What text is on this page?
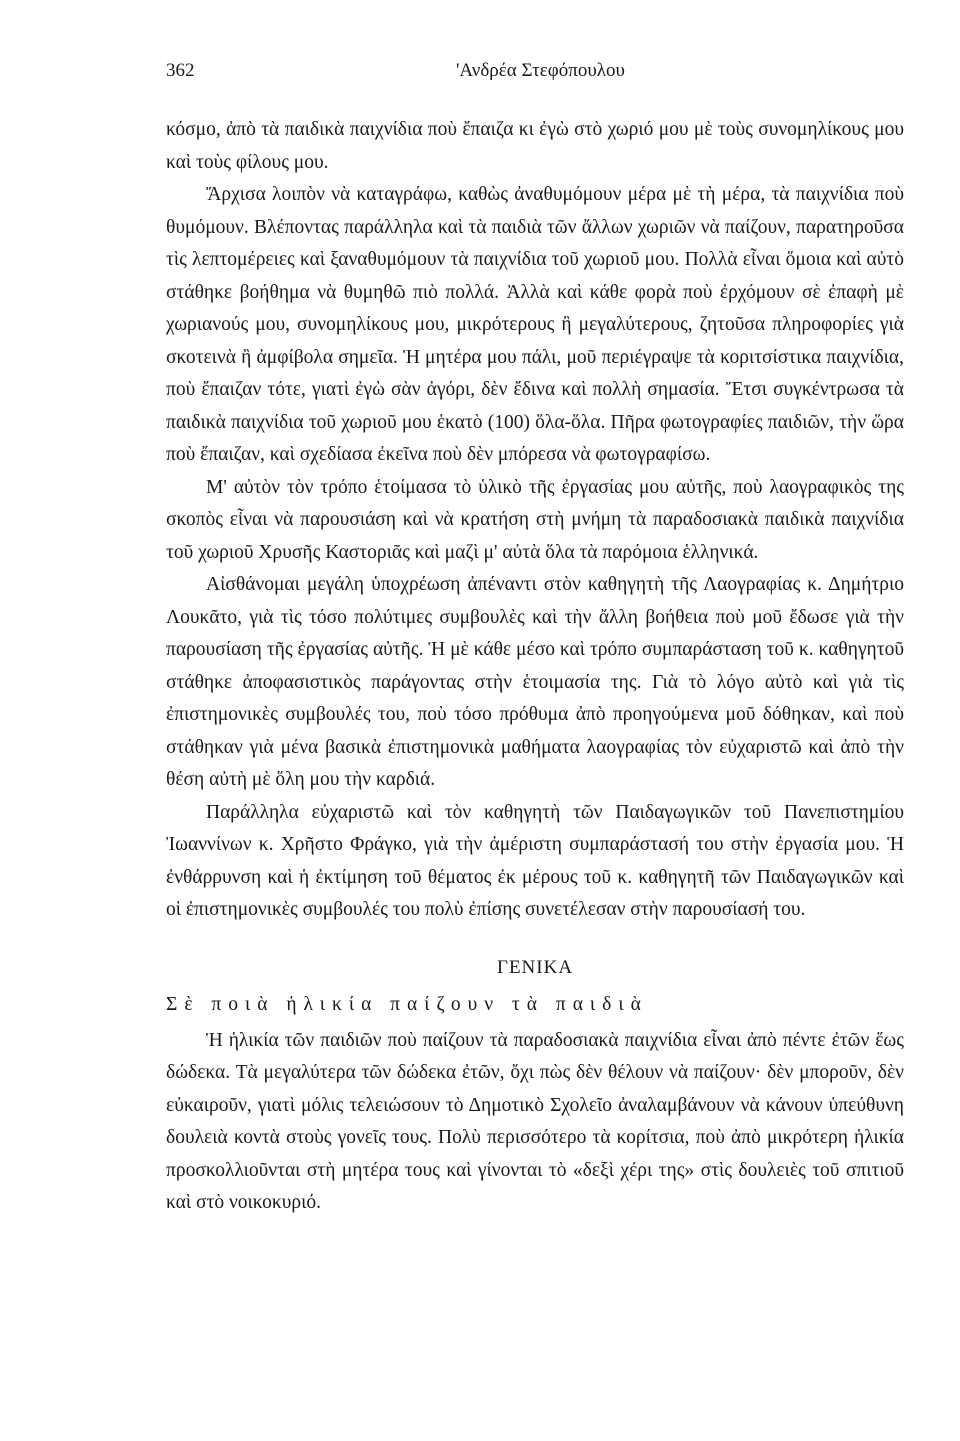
362	'Ανδρέα Στεφόπουλου

κόσμο, ἀπὸ τὰ παιδικὰ παιχνίδια ποὺ ἔπαιζα κι ἐγὼ στὸ χωριό μου μὲ τοὺς συνομηλίκους μου καὶ τοὺς φίλους μου.

Ἄρχισα λοιπὸν νὰ καταγράφω, καθὼς ἀναθυμόμουν μέρα μὲ τὴ μέρα, τὰ παιχνίδια ποὺ θυμόμουν. Βλέποντας παράλληλα καὶ τὰ παιδιὰ τῶν ἄλλων χωριῶν νὰ παίζουν, παρατηροῦσα τὶς λεπτομέρειες καὶ ξαναθυμόμουν τὰ παιχνίδια τοῦ χωριοῦ μου. Πολλὰ εἶναι ὅμοια καὶ αὐτὸ στάθηκε βοήθημα νὰ θυμηθῶ πιὸ πολλά. Ἀλλὰ καὶ κάθε φορὰ ποὺ ἐρχόμουν σὲ ἐπαφὴ μὲ χωριανούς μου, συνομηλίκους μου, μικρότερους ἢ μεγαλύτερους, ζητοῦσα πληροφορίες γιὰ σκοτεινὰ ἢ ἀμφίβολα σημεῖα. Ἡ μητέρα μου πάλι, μοῦ περιέγραψε τὰ κοριτσίστικα παιχνίδια, ποὺ ἔπαιζαν τότε, γιατὶ ἐγὼ σὰν ἀγόρι, δὲν ἔδινα καὶ πολλὴ σημασία. Ἔτσι συγκέντρωσα τὰ παιδικὰ παιχνίδια τοῦ χωριοῦ μου ἑκατὸ (100) ὅλα-ὅλα. Πῆρα φωτογραφίες παιδιῶν, τὴν ὥρα ποὺ ἔπαιζαν, καὶ σχεδίασα ἐκεῖνα ποὺ δὲν μπόρεσα νὰ φωτογραφίσω.

Μ' αὐτὸν τὸν τρόπο ἑτοίμασα τὸ ὑλικὸ τῆς ἐργασίας μου αὐτῆς, ποὺ λαογραφικὸς της σκοπὸς εἶναι νὰ παρουσιάση καὶ νὰ κρατήση στὴ μνήμη τὰ παραδοσιακὰ παιδικὰ παιχνίδια τοῦ χωριοῦ Χρυσῆς Καστοριᾶς καὶ μαζὶ μ' αὐτὰ ὅλα τὰ παρόμοια ἑλληνικά.

Αἰσθάνομαι μεγάλη ὑποχρέωση ἀπέναντι στὸν καθηγητὴ τῆς Λαογραφίας κ. Δημήτριο Λουκᾶτο, γιὰ τὶς τόσο πολύτιμες συμβουλὲς καὶ τὴν ἄλλη βοήθεια ποὺ μοῦ ἔδωσε γιὰ τὴν παρουσίαση τῆς ἐργασίας αὐτῆς. Ἡ μὲ κάθε μέσο καὶ τρόπο συμπαράσταση τοῦ κ. καθηγητοῦ στάθηκε ἀποφασιστικὸς παράγοντας στὴν ἑτοιμασία της. Γιὰ τὸ λόγο αὐτὸ καὶ γιὰ τὶς ἐπιστημονικὲς συμβουλές του, ποὺ τόσο πρόθυμα ἀπὸ προηγούμενα μοῦ δόθηκαν, καὶ ποὺ στάθηκαν γιὰ μένα βασικὰ ἐπιστημονικὰ μαθήματα λαογραφίας τὸν εὐχαριστῶ καὶ ἀπὸ τὴν θέση αὐτὴ μὲ ὅλη μου τὴν καρδιά.

Παράλληλα εὐχαριστῶ καὶ τὸν καθηγητὴ τῶν Παιδαγωγικῶν τοῦ Πανεπιστημίου Ἰωαννίνων κ. Χρῆστο Φράγκο, γιὰ τὴν ἀμέριστη συμπαράστασή του στὴν ἐργασία μου. Ἡ ἐνθάρρυνση καὶ ἡ ἐκτίμηση τοῦ θέματος ἐκ μέρους τοῦ κ. καθηγητῆ τῶν Παιδαγωγικῶν καὶ οἱ ἐπιστημονικὲς συμβουλές του πολὺ ἐπίσης συνετέλεσαν στὴν παρουσίασή του.

ΓΕΝΙΚΑ
Σὲ ποιὰ ἡλικία παίζουν τὰ παιδιὰ

Ἡ ἡλικία τῶν παιδιῶν ποὺ παίζουν τὰ παραδοσιακὰ παιχνίδια εἶναι ἀπὸ πέντε ἐτῶν ἕως δώδεκα. Τὰ μεγαλύτερα τῶν δώδεκα ἐτῶν, ὄχι πὼς δὲν θέλουν νὰ παίζουν· δὲν μποροῦν, δὲν εὐκαιροῦν, γιατὶ μόλις τελειώσουν τὸ Δημοτικὸ Σχολεῖο ἀναλαμβάνουν νὰ κάνουν ὑπεύθυνη δουλειὰ κοντὰ στοὺς γονεῖς τους. Πολὺ περισσότερο τὰ κορίτσια, ποὺ ἀπὸ μικρότερη ἡλικία προσκολλιοῦνται στὴ μητέρα τους καὶ γίνονται τὸ «δεξὶ χέρι της» στὶς δουλειὲς τοῦ σπιτιοῦ καὶ στὸ νοικοκυριό.
